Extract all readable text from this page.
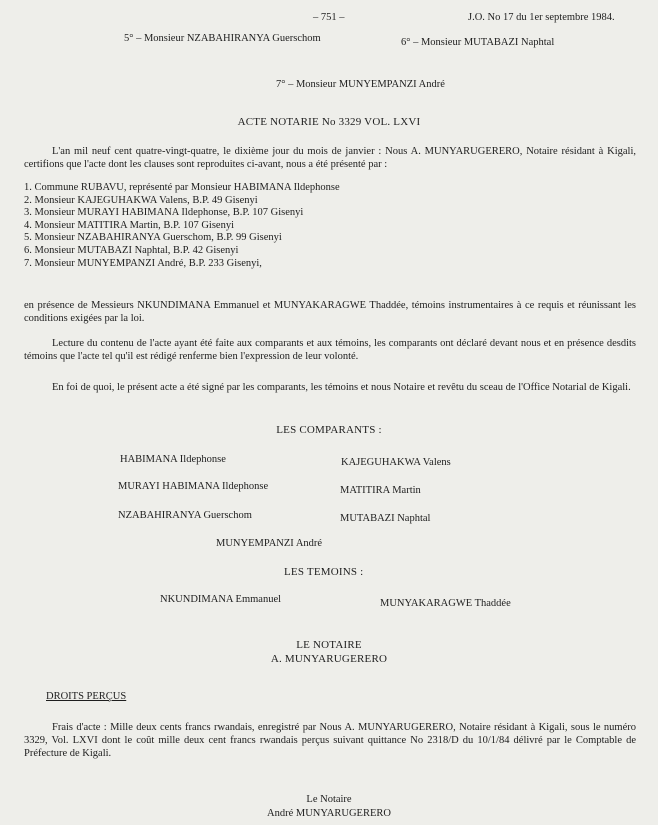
– 751 –	J.O. No 17 du 1er septembre 1984.
5° – Monsieur NZABAHIRANYA Guerschom	6° – Monsieur MUTABAZI Naphtal
7° – Monsieur MUNYEMPANZI André
ACTE NOTARIE No 3329 VOL. LXVI
L'an mil neuf cent quatre-vingt-quatre, le dixième jour du mois de janvier : Nous A. MUNYARUGERERO, Notaire résidant à Kigali, certifions que l'acte dont les clauses sont reproduites ci-avant, nous a été présenté par :
1. Commune RUBAVU, représenté par Monsieur HABIMANA Ildephonse
2. Monsieur KAJEGUHAKWA Valens, B.P. 49 Gisenyi
3. Monsieur MURAYI HABIMANA Ildephonse, B.P. 107 Gisenyi
4. Monsieur MATITIRA Martin, B.P. 107 Gisenyi
5. Monsieur NZABAHIRANYA Guerschom, B.P. 99 Gisenyi
6. Monsieur MUTABAZI Naphtal, B.P. 42 Gisenyi
7. Monsieur MUNYEMPANZI André, B.P. 233 Gisenyi,
en présence de Messieurs NKUNDIMANA Emmanuel et MUNYAKARAGWE Thaddée, témoins instrumentaires à ce requis et réunissant les conditions exigées par la loi.
Lecture du contenu de l'acte ayant été faite aux comparants et aux témoins, les comparants ont déclaré devant nous et en présence desdits témoins que l'acte tel qu'il est rédigé renferme bien l'expression de leur volonté.
En foi de quoi, le présent acte a été signé par les comparants, les témoins et nous Notaire et revêtu du sceau de l'Office Notarial de Kigali.
LES COMPARANTS :
HABIMANA Ildephonse	KAJEGUHAKWA Valens
MURAYI HABIMANA Ildephonse	MATITIRA Martin
NZABAHIRANYA Guerschom	MUTABAZI Naphtal
MUNYEMPANZI André
LES TEMOINS :
NKUNDIMANA Emmanuel	MUNYAKARAGWE Thaddée
LE NOTAIRE
A. MUNYARUGERERO
DROITS PERÇUS
Frais d'acte : Mille deux cents francs rwandais, enregistré par Nous A. MUNYARUGERERO, Notaire résidant à Kigali, sous le numéro 3329, Vol. LXVI dont le coût mille deux cent francs rwandais perçus suivant quittance No 2318/D du 10/1/84 délivré par le Comptable de Préfecture de Kigali.
Le Notaire
André MUNYARUGERERO
